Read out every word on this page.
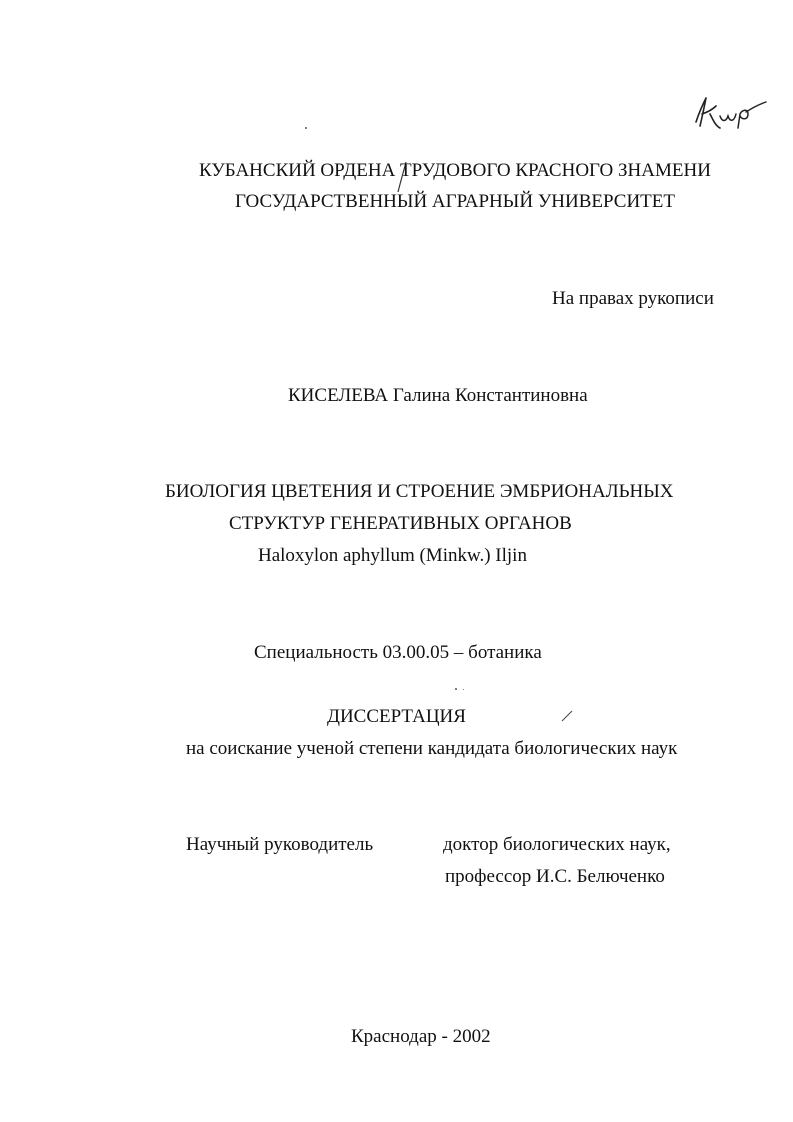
КУБАНСКИЙ ОРДЕНА ТРУДОВОГО КРАСНОГО ЗНАМЕНИ
ГОСУДАРСТВЕННЫЙ АГРАРНЫЙ УНИВЕРСИТЕТ
На правах рукописи
КИСЕЛЕВА Галина Константиновна
БИОЛОГИЯ ЦВЕТЕНИЯ И СТРОЕНИЕ ЭМБРИОНАЛЬНЫХ
СТРУКТУР ГЕНЕРАТИВНЫХ ОРГАНОВ
Haloxylon aphyllum (Minkw.) Iljin
Специальность 03.00.05 – ботаника
ДИССЕРТАЦИЯ
на соискание ученой степени кандидата биологических наук
Научный руководитель	доктор биологических наук,
профессор И.С. Белюченко
Краснодар - 2002
